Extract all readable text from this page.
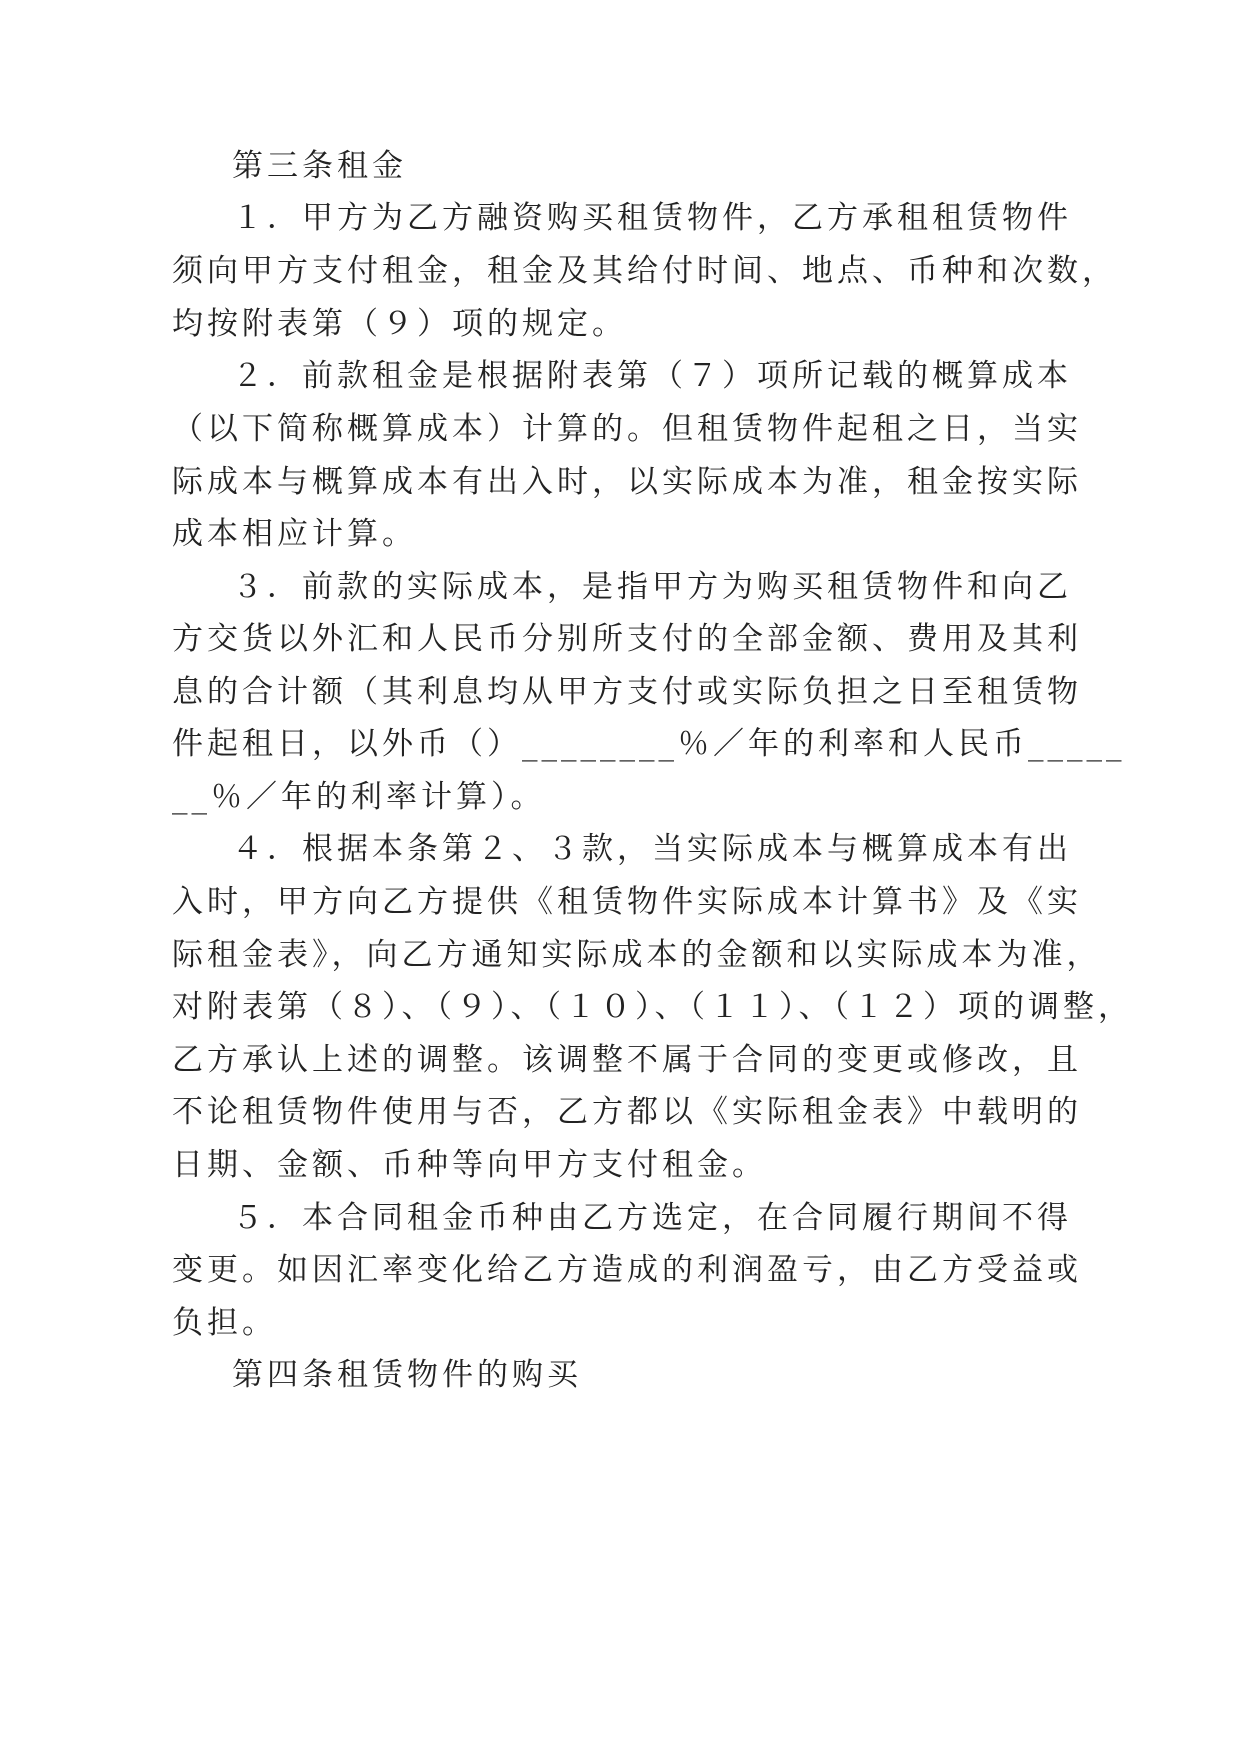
第三条租金
１．甲方为乙方融资购买租赁物件，乙方承租租赁物件
须向甲方支付租金，租金及其给付时间、地点、币种和次数，
均按附表第（９）项的规定。
２．前款租金是根据附表第（７）项所记载的概算成本
（以下简称概算成本）计算的。但租赁物件起租之日，当实
际成本与概算成本有出入时，以实际成本为准，租金按实际
成本相应计算。
３．前款的实际成本，是指甲方为购买租赁物件和向乙
方交货以外汇和人民币分别所支付的全部金额、费用及其利
息的合计额（其利息均从甲方支付或实际负担之日至租赁物
件起租日，以外币（）________％／年的利率和人民币_____
__％／年的利率计算）。
４．根据本条第２、３款，当实际成本与概算成本有出
入时，甲方向乙方提供《租赁物件实际成本计算书》及《实
际租金表》，向乙方通知实际成本的金额和以实际成本为准，
对附表第（８）、（９）、（１０）、（１１）、（１２）项的调整，
乙方承认上述的调整。该调整不属于合同的变更或修改，且
不论租赁物件使用与否，乙方都以《实际租金表》中载明的
日期、金额、币种等向甲方支付租金。
５．本合同租金币种由乙方选定，在合同履行期间不得
变更。如因汇率变化给乙方造成的利润盈亏，由乙方受益或
负担。
第四条租赁物件的购买
